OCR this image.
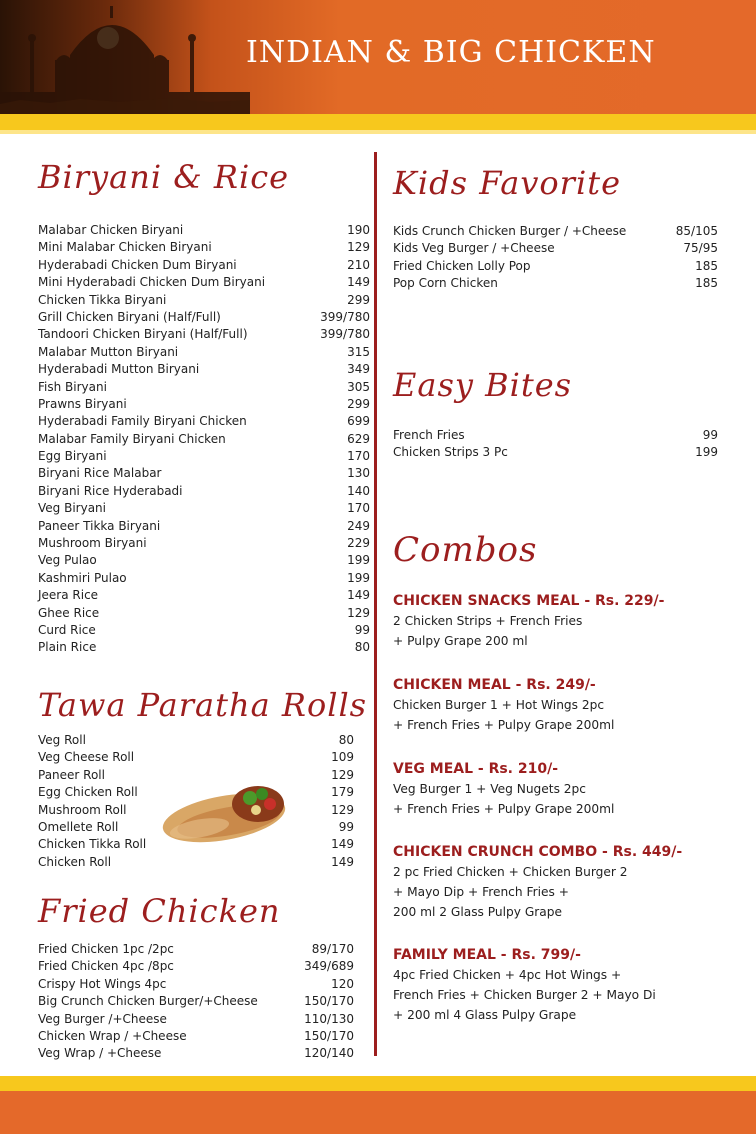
INDIAN & BIG CHICKEN
Biryani & Rice
Malabar Chicken Biryani	190
Mini Malabar Chicken Biryani	129
Hyderabadi Chicken Dum Biryani	210
Mini Hyderabadi Chicken Dum Biryani	149
Chicken Tikka Biryani	299
Grill Chicken Biryani (Half/Full)	399/780
Tandoori Chicken Biryani (Half/Full)	399/780
Malabar Mutton Biryani	315
Hyderabadi Mutton Biryani	349
Fish Biryani	305
Prawns Biryani	299
Hyderabadi Family Biryani Chicken	699
Malabar Family Biryani Chicken	629
Egg Biryani	170
Biryani Rice Malabar	130
Biryani Rice Hyderabadi	140
Veg Biryani	170
Paneer Tikka Biryani	249
Mushroom Biryani	229
Veg Pulao	199
Kashmiri Pulao	199
Jeera Rice	149
Ghee Rice	129
Curd Rice	99
Plain Rice	80
Tawa Paratha Rolls
Veg Roll	80
Veg Cheese Roll	109
Paneer Roll	129
Egg Chicken Roll	179
Mushroom Roll	129
Omellete Roll	99
Chicken Tikka Roll	149
Chicken Roll	149
Fried Chicken
Fried Chicken 1pc /2pc	89/170
Fried Chicken 4pc /8pc	349/689
Crispy Hot Wings 4pc	120
Big Crunch Chicken Burger/+Cheese	150/170
Veg Burger /+Cheese	110/130
Chicken Wrap / +Cheese	150/170
Veg Wrap / +Cheese	120/140
Kids Favorite
Kids Crunch Chicken Burger / +Cheese	85/105
Kids Veg Burger / +Cheese	75/95
Fried Chicken Lolly Pop	185
Pop Corn Chicken	185
Easy Bites
French Fries	99
Chicken Strips 3 Pc	199
Combos
CHICKEN SNACKS MEAL - Rs. 229/-
2 Chicken Strips + French Fries
+ Pulpy Grape 200 ml
CHICKEN MEAL - Rs. 249/-
Chicken Burger 1 + Hot Wings 2pc
+ French Fries + Pulpy Grape 200ml
VEG MEAL - Rs. 210/-
Veg Burger 1 + Veg Nugets 2pc
+ French Fries + Pulpy Grape 200ml
CHICKEN CRUNCH COMBO - Rs. 449/-
2 pc Fried Chicken + Chicken Burger 2
+ Mayo Dip + French Fries +
200 ml 2 Glass Pulpy Grape
FAMILY MEAL - Rs. 799/-
4pc Fried Chicken + 4pc Hot Wings +
French Fries + Chicken Burger 2 + Mayo Di
+ 200 ml 4 Glass Pulpy Grape
